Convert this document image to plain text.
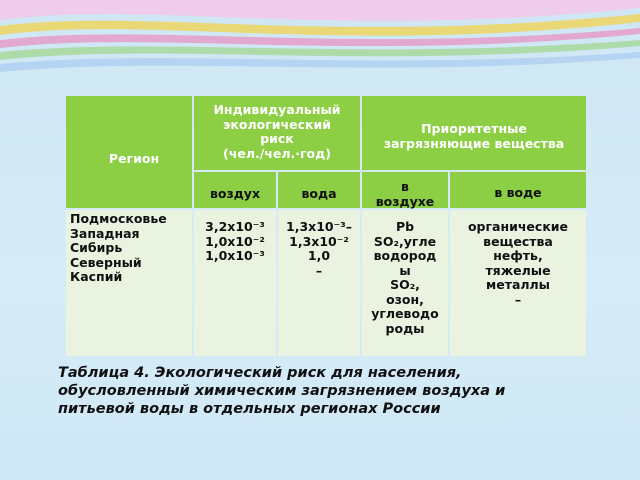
Регион
Индивидуальный
экологический
риск
(чел./чел.·год)
Приоритетные
загрязняющие вещества
воздух	вода	в
воздухе
в воде
Подмосковье
Западная
Сибирь
Северный
Каспий
3,2x10⁻³
1,0x10⁻²
1,0x10⁻³
1,3x10⁻³–
1,3x10⁻²
1,0
–
Pb
SO₂,угле
водород
ы
SO₂,
озон,
углеводо
роды
органические
вещества
нефть,
тяжелые
металлы
–
Таблица 4. Экологический риск для населения, обусловленный химическим загрязнением воздуха и питьевой воды в отдельных регионах России
